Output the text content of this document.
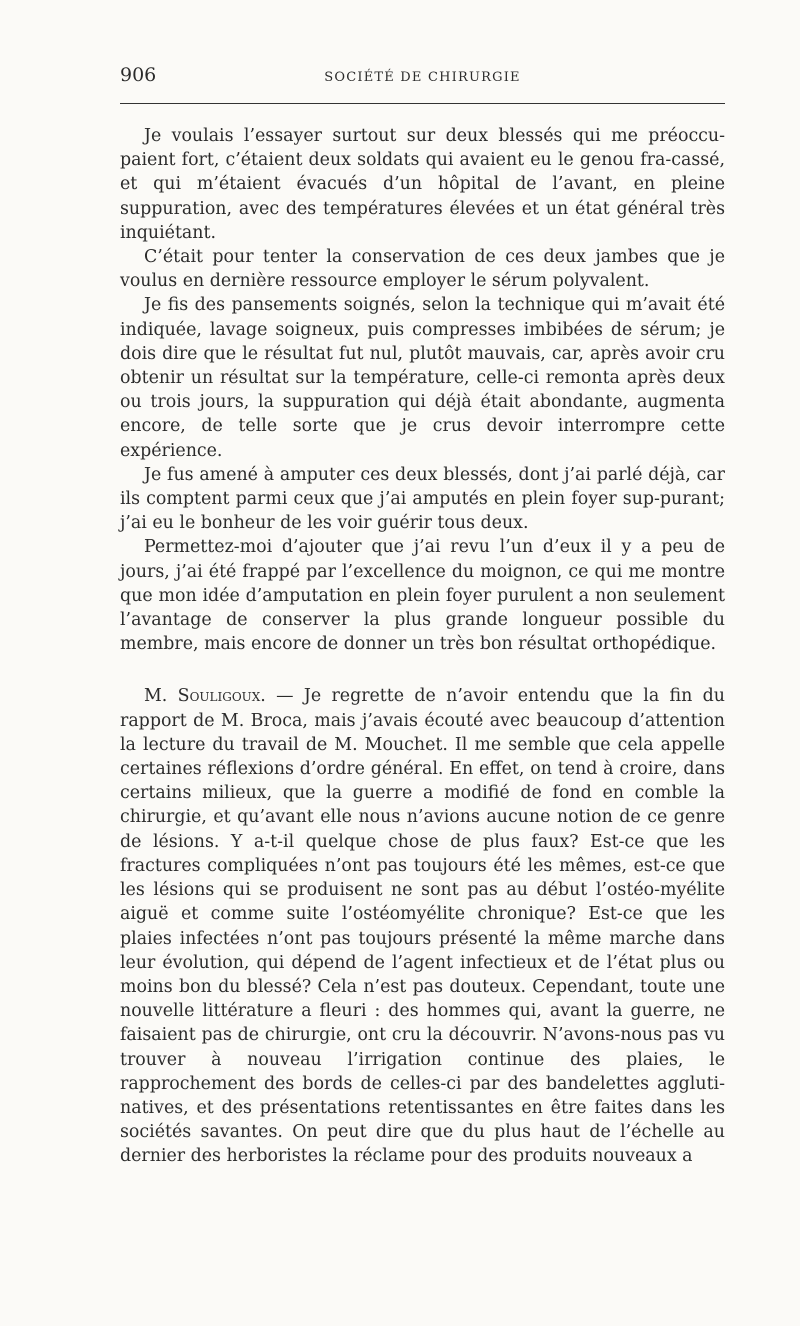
906	SOCIÉTÉ DE CHIRURGIE

Je voulais l’essayer surtout sur deux blessés qui me préoccu-paient fort, c’étaient deux soldats qui avaient eu le genou fra-cassé, et qui m’étaient évacués d’un hôpital de l’avant, en pleine suppuration, avec des températures élevées et un état général très inquiétant.

C’était pour tenter la conservation de ces deux jambes que je voulus en dernière ressource employer le sérum polyvalent.

Je fis des pansements soignés, selon la technique qui m’avait été indiquée, lavage soigneux, puis compresses imbibées de sérum; je dois dire que le résultat fut nul, plutôt mauvais, car, après avoir cru obtenir un résultat sur la température, celle-ci remonta après deux ou trois jours, la suppuration qui déjà était abondante, augmenta encore, de telle sorte que je crus devoir interrompre cette expérience.

Je fus amené à amputer ces deux blessés, dont j’ai parlé déjà, car ils comptent parmi ceux que j’ai amputés en plein foyer sup-purant; j’ai eu le bonheur de les voir guérir tous deux.

Permettez-moi d’ajouter que j’ai revu l’un d’eux il y a peu de jours, j’ai été frappé par l’excellence du moignon, ce qui me montre que mon idée d’amputation en plein foyer purulent a non seulement l’avantage de conserver la plus grande longueur possible du membre, mais encore de donner un très bon résultat orthopédique.

M. Souligoux. — Je regrette de n’avoir entendu que la fin du rapport de M. Broca, mais j’avais écouté avec beaucoup d’attention la lecture du travail de M. Mouchet. Il me semble que cela appelle certaines réflexions d’ordre général. En effet, on tend à croire, dans certains milieux, que la guerre a modifié de fond en comble la chirurgie, et qu’avant elle nous n’avions aucune notion de ce genre de lésions. Y a-t-il quelque chose de plus faux? Est-ce que les fractures compliquées n’ont pas toujours été les mêmes, est-ce que les lésions qui se produisent ne sont pas au début l’ostéo-myélite aiguë et comme suite l’ostéomyélite chronique? Est-ce que les plaies infectées n’ont pas toujours présenté la même marche dans leur évolution, qui dépend de l’agent infectieux et de l’état plus ou moins bon du blessé? Cela n’est pas douteux. Cependant, toute une nouvelle littérature a fleuri : des hommes qui, avant la guerre, ne faisaient pas de chirurgie, ont cru la découvrir. N’avons-nous pas vu trouver à nouveau l’irrigation continue des plaies, le rapprochement des bords de celles-ci par des bandelettes aggluti-natives, et des présentations retentissantes en être faites dans les sociétés savantes. On peut dire que du plus haut de l’échelle au dernier des herboristes la réclame pour des produits nouveaux a
